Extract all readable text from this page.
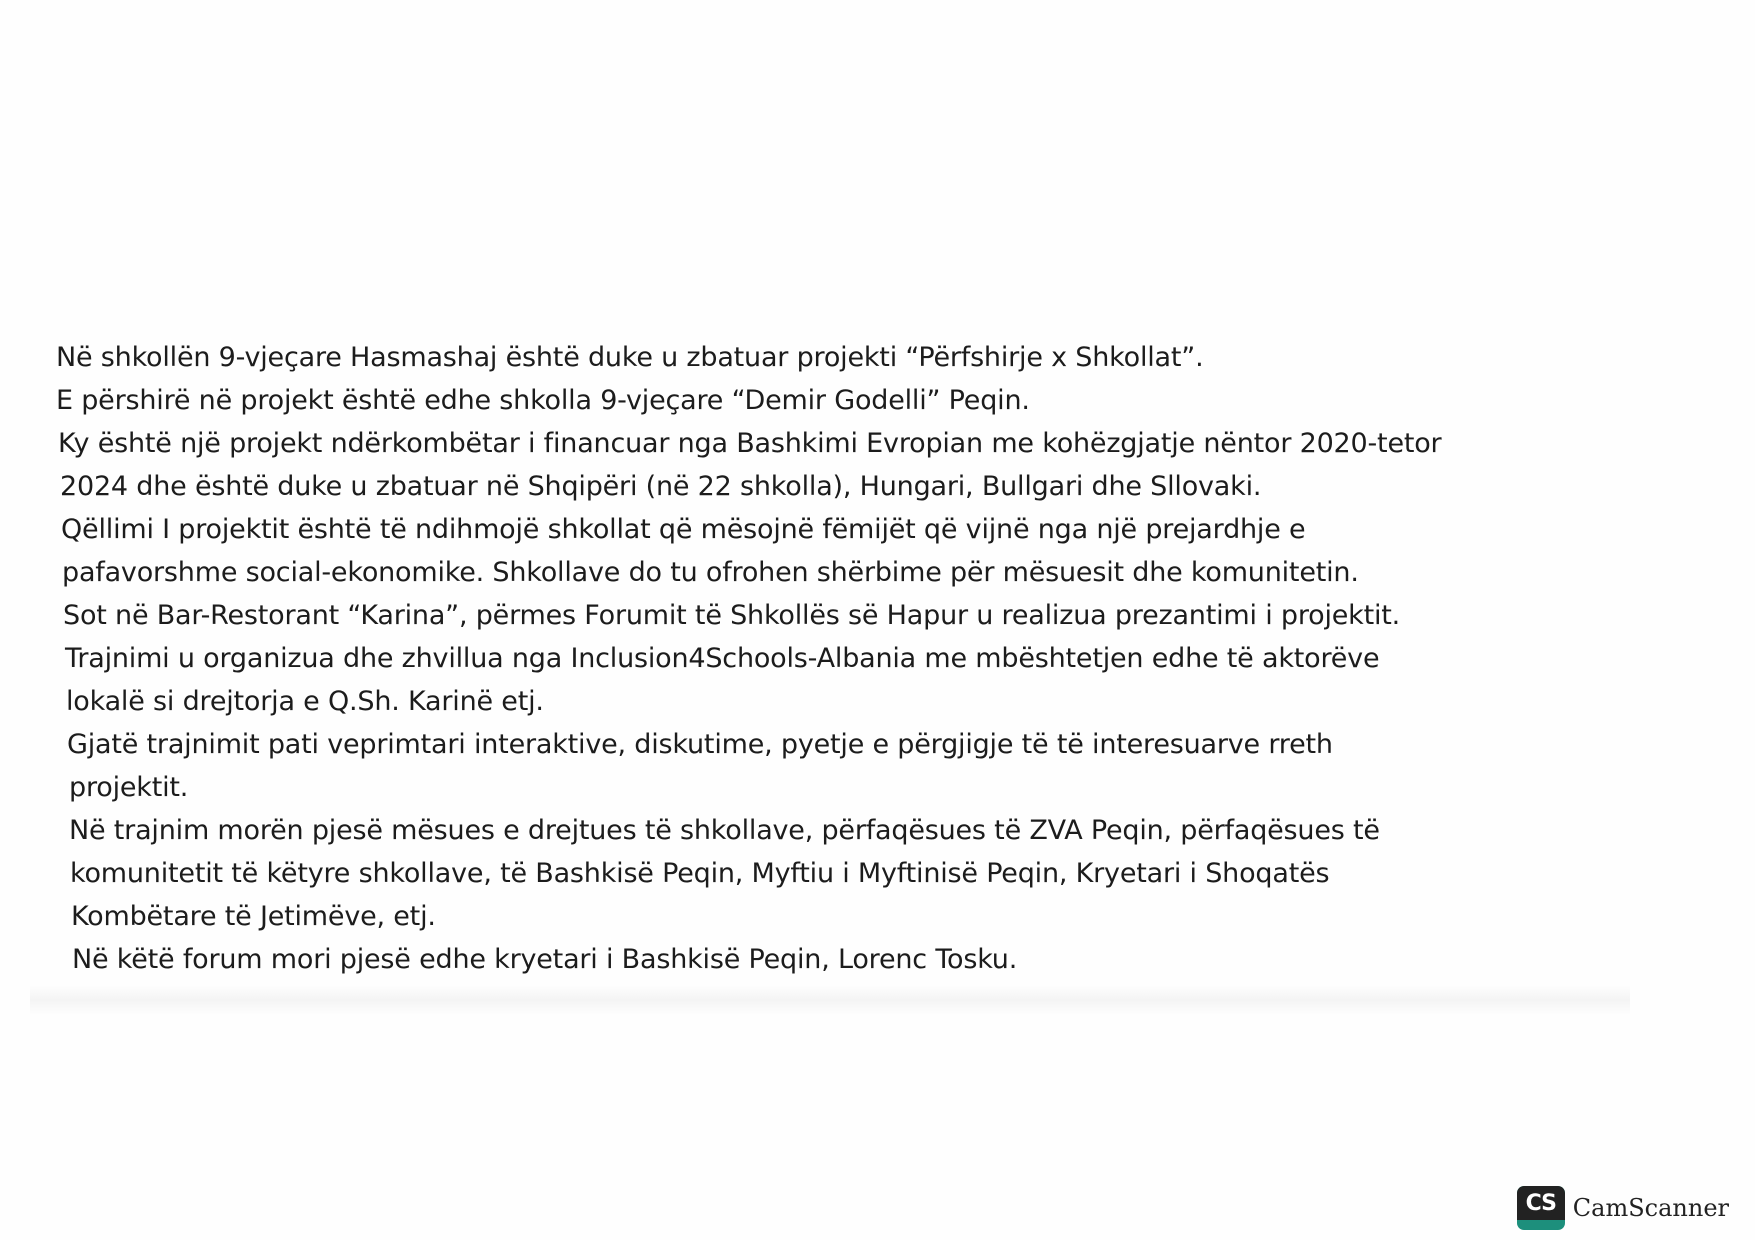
Në shkollën 9-vjeçare Hasmashaj është duke u zbatuar projekti “Përfshirje x Shkollat”.
E përshirë në projekt është edhe shkolla 9-vjeçare “Demir Godelli” Peqin.
Ky është një projekt ndërkombëtar i financuar nga Bashkimi Evropian me kohëzgjatje nëntor 2020-tetor
2024 dhe është duke u zbatuar në Shqipëri (në 22 shkolla), Hungari, Bullgari dhe Sllovaki.
Qëllimi I projektit është të ndihmojë shkollat që mësojnë fëmijët që vijnë nga një prejardhje e
pafavorshme social-ekonomike. Shkollave do tu ofrohen shërbime për mësuesit dhe komunitetin.
Sot në Bar-Restorant “Karina”, përmes Forumit të Shkollës së Hapur u realizua prezantimi i projektit.
Trajnimi u organizua dhe zhvillua nga Inclusion4Schools-Albania me mbështetjen edhe të aktorëve
lokalë si drejtorja e Q.Sh. Karinë etj.
Gjatë trajnimit pati veprimtari interaktive, diskutime, pyetje e përgjigje të të interesuarve rreth
projektit.
Në trajnim morën pjesë mësues e drejtues të shkollave, përfaqësues të ZVA Peqin, përfaqësues të
komunitetit të këtyre shkollave, të Bashkisë Peqin, Myftiu i Myftinisë Peqin, Kryetari i Shoqatës
Kombëtare të Jetimëve, etj.
Në këtë forum mori pjesë edhe kryetari i Bashkisë Peqin, Lorenc Tosku.
CS CamScanner
